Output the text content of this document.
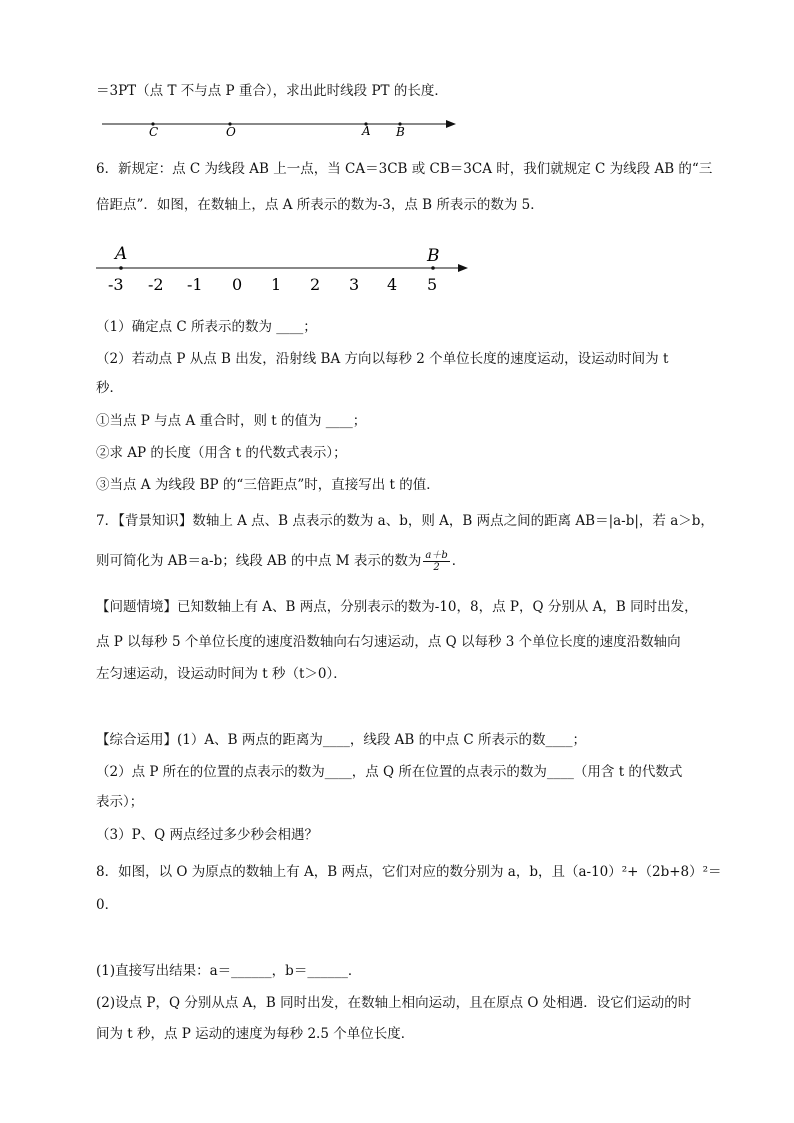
＝3PT（点 T 不与点 P 重合），求出此时线段 PT 的长度．
C	O	A B
6．新规定：点 C 为线段 AB 上一点，当 CA＝3CB 或 CB＝3CA 时，我们就规定 C 为线段 AB 的“三
倍距点”．如图，在数轴上，点 A 所表示的数为-3，点 B 所表示的数为 5．
A	B
-3 -2 -1 0 1 2 3 4 5
（1）确定点 C 所表示的数为 ____；
（2）若动点 P 从点 B 出发，沿射线 BA 方向以每秒 2 个单位长度的速度运动，设运动时间为 t
秒．
①当点 P 与点 A 重合时，则 t 的值为 ____；
②求 AP 的长度（用含 t 的代数式表示）；
③当点 A 为线段 BP 的“三倍距点”时，直接写出 t 的值．
7．【背景知识】数轴上 A 点、B 点表示的数为 a、b，则 A，B 两点之间的距离 AB＝|a-b|，若 a＞b，
则可简化为 AB＝a-b；线段 AB 的中点 M 表示的数为 $\frac{a+b}{2}$ ．
【问题情境】已知数轴上有 A、B 两点，分别表示的数为-10，8，点 P，Q 分别从 A，B 同时出发，
点 P 以每秒 5 个单位长度的速度沿数轴向右匀速运动，点 Q 以每秒 3 个单位长度的速度沿数轴向
左匀速运动，设运动时间为 t 秒（t＞0）．
【综合运用】(1）A、B 两点的距离为____，线段 AB 的中点 C 所表示的数____；
（2）点 P 所在的位置的点表示的数为____，点 Q 所在位置的点表示的数为____（用含 t 的代数式
表示）；
（3）P、Q 两点经过多少秒会相遇？
8．如图，以 O 为原点的数轴上有 A，B 两点，它们对应的数分别为 a，b，且（a-10）²+（2b+8）²＝
0．
(1)直接写出结果：a＝______，b＝______．
(2)设点 P，Q 分别从点 A，B 同时出发，在数轴上相向运动，且在原点 O 处相遇．设它们运动的时
间为 t 秒，点 P 运动的速度为每秒 2.5 个单位长度．
